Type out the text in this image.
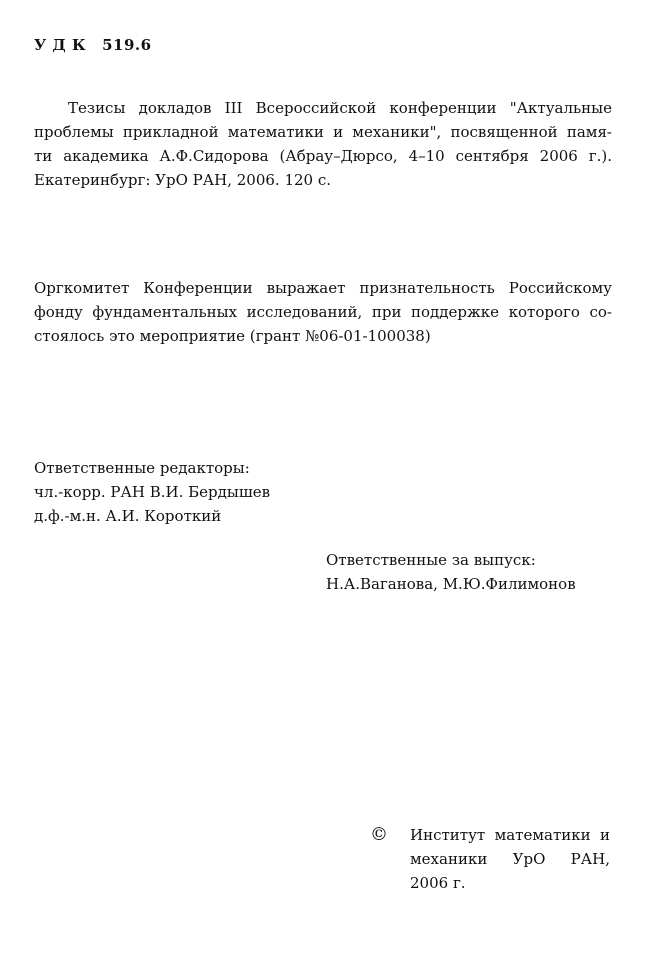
У Д К 519.6
Тезисы докладов III Всероссийской конференции "Актуальные
проблемы прикладной математики и механики", посвященной памя-
ти академика А.Ф.Сидорова (Абрау–Дюрсо, 4–10 сентября 2006 г.).
Екатеринбург: УрО РАН, 2006. 120 с.
Оргкомитет Конференции выражает признательность Российскому
фонду фундаментальных исследований, при поддержке которого со-
стоялось это мероприятие (грант №06-01-100038)
Ответственные редакторы:
чл.-корр. РАН В.И. Бердышев
д.ф.-м.н. А.И. Короткий
Ответственные за выпуск:
Н.А.Ваганова, М.Ю.Филимонов
© Институт математики и
механики УрО РАН,
2006 г.
